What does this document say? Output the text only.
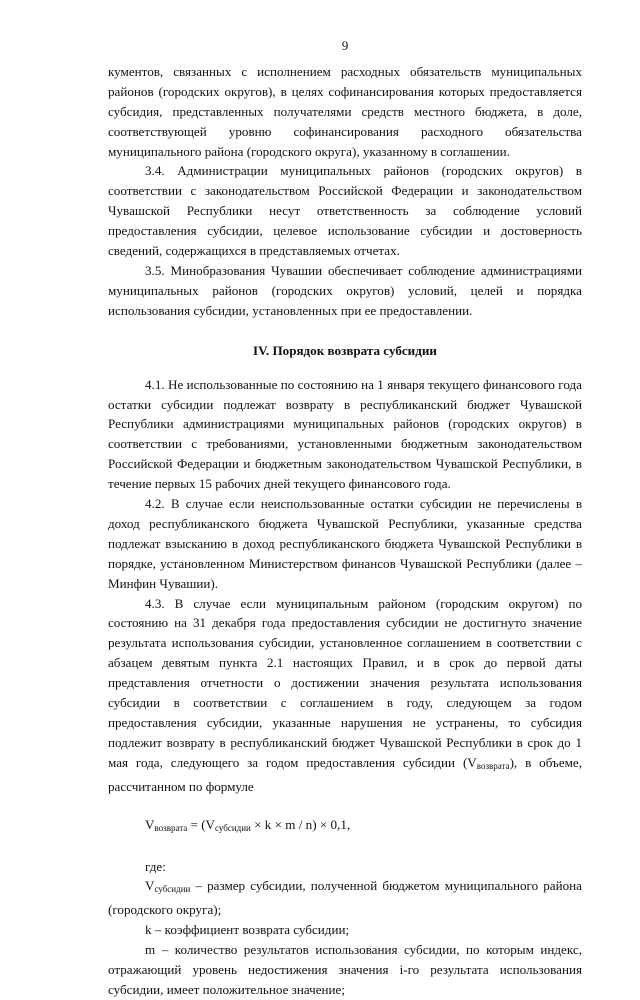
9

кументов, связанных с исполнением расходных обязательств муниципальных районов (городских округов), в целях софинансирования которых предоставляется субсидия, представленных получателями средств местного бюджета, в доле, соответствующей уровню софинансирования расходного обязательства муниципального района (городского округа), указанному в соглашении.

3.4. Администрации муниципальных районов (городских округов) в соответствии с законодательством Российской Федерации и законодательством Чувашской Республики несут ответственность за соблюдение условий предоставления субсидии, целевое использование субсидии и достоверность сведений, содержащихся в представляемых отчетах.

3.5. Минобразования Чувашии обеспечивает соблюдение администрациями муниципальных районов (городских округов) условий, целей и порядка использования субсидии, установленных при ее предоставлении.

IV. Порядок возврата субсидии

4.1. Не использованные по состоянию на 1 января текущего финансового года остатки субсидии подлежат возврату в республиканский бюджет Чувашской Республики администрациями муниципальных районов (городских округов) в соответствии с требованиями, установленными бюджетным законодательством Российской Федерации и бюджетным законодательством Чувашской Республики, в течение первых 15 рабочих дней текущего финансового года.

4.2. В случае если неиспользованные остатки субсидии не перечислены в доход республиканского бюджета Чувашской Республики, указанные средства подлежат взысканию в доход республиканского бюджета Чувашской Республики в порядке, установленном Министерством финансов Чувашской Республики (далее – Минфин Чувашии).

4.3. В случае если муниципальным районом (городским округом) по состоянию на 31 декабря года предоставления субсидии не достигнуто значение результата использования субсидии, установленное соглашением в соответствии с абзацем девятым пункта 2.1 настоящих Правил, и в срок до первой даты представления отчетности о достижении значения результата использования субсидии в соответствии с соглашением в году, следующем за годом предоставления субсидии, указанные нарушения не устранены, то субсидия подлежит возврату в республиканский бюджет Чувашской Республики в срок до 1 мая года, следующего за годом предоставления субсидии $(V_{возврата})$, в объеме, рассчитанном по формуле

$V_{возврата} = (V_{субсидии} \times k \times m / n) \times 0,1$,

где:

$V_{субсидии}$ – размер субсидии, полученной бюджетом муниципального района (городского округа);

k – коэффициент возврата субсидии;

m – количество результатов использования субсидии, по которым индекс, отражающий уровень недостижения значения i-го результата использования субсидии, имеет положительное значение;
